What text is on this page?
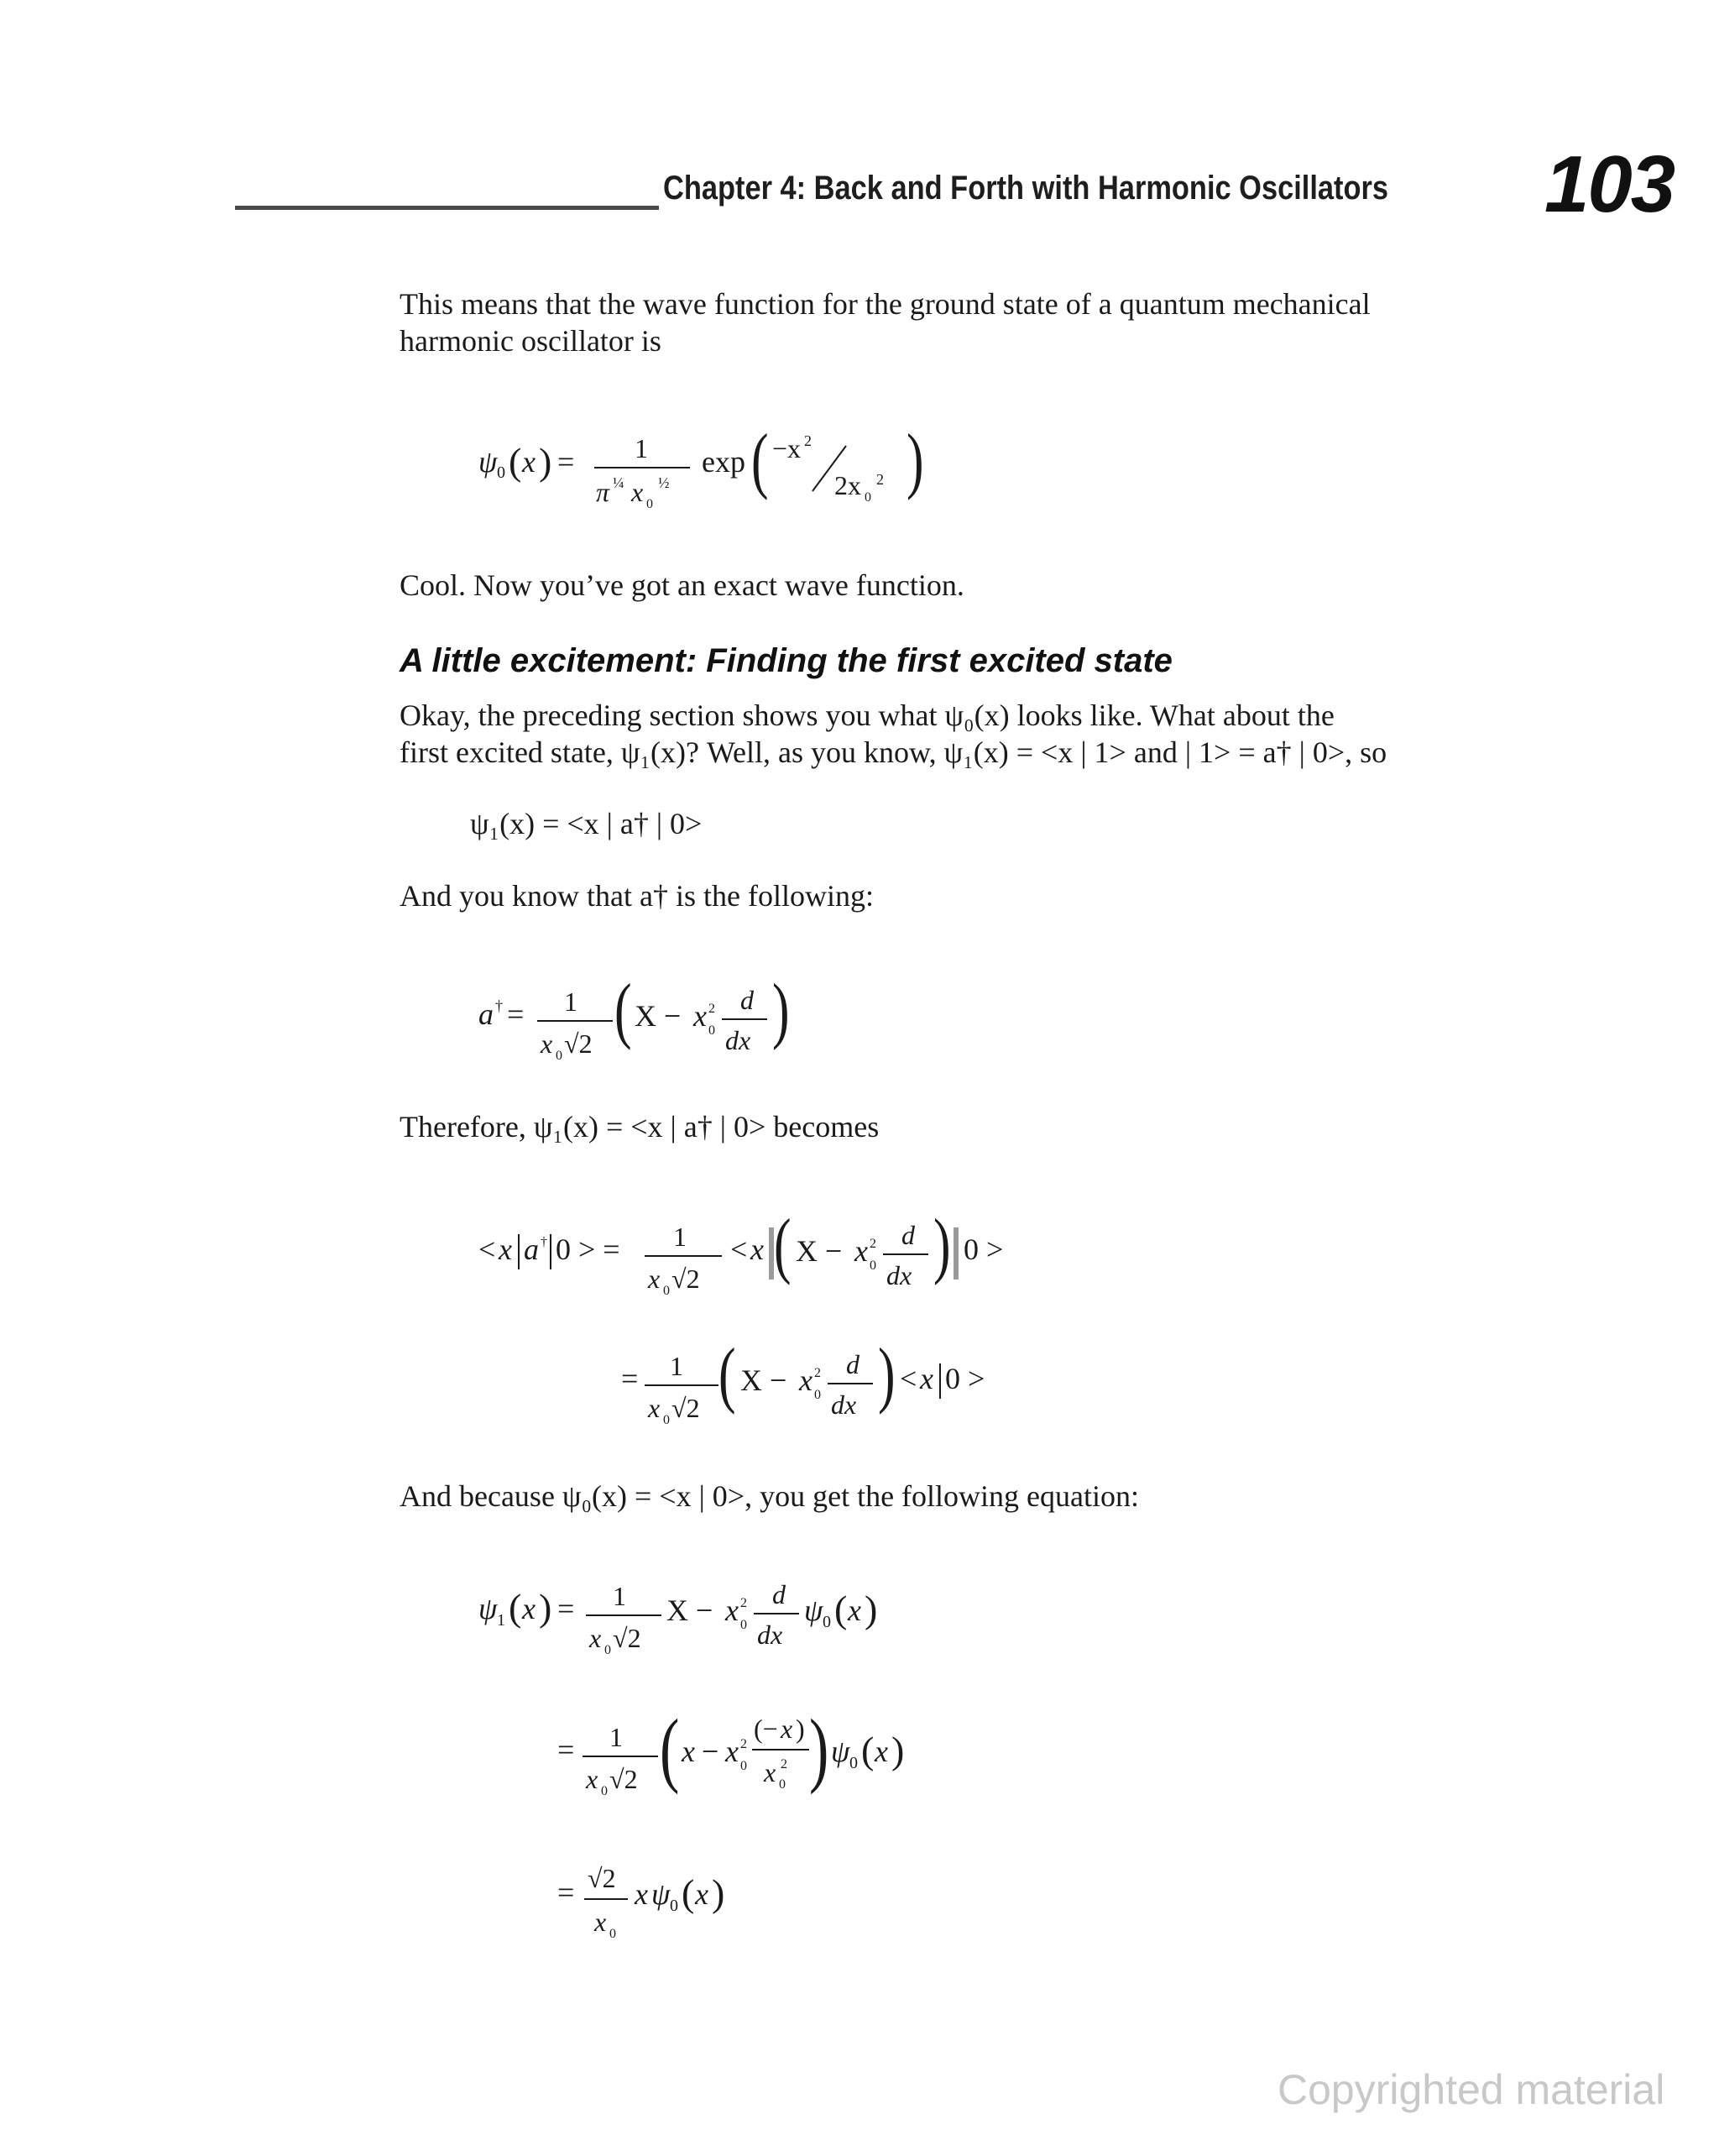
Chapter 4: Back and Forth with Harmonic Oscillators 103
This means that the wave function for the ground state of a quantum mechanical harmonic oscillator is
ψ 0 ( x ) = 1
π ¼ x 0
½
exp ( −x 2
2x 0
2 )
Cool. Now you’ve got an exact wave function.
A little excitement: Finding the first excited state
Okay, the preceding section shows you what ψ₀(x) looks like. What about the
first excited state, ψ₁(x)? Well, as you know, ψ₁(x) = <x | 1> and | 1> = a† | 0>, so
ψ₁(x) = <x | a† | 0>
And you know that a† is the following:
a † = 1
x 0 √2 ( X − x 0
2 d
dx )
Therefore, ψ₁(x) = <x | a† | 0> becomes
< x a † 0 > = 1
x 0 √2
< x ( X − x 0
2 d
dx ) 0 >
= 1
x 0 √2 ( X − x 0
2 d
dx ) < x 0 >
And because ψ₀(x) = <x | 0>, you get the following equation:
ψ 1 ( x ) = 1
x 0 √2
X − x 0
2 d
dx
ψ 0 ( x )
= 1
x 0 √2 ( x − x 0
2
(− x )
x 0
2 ) ψ 0 ( x )
= √2
x 0
x ψ 0 ( x )
Copyrighted material
